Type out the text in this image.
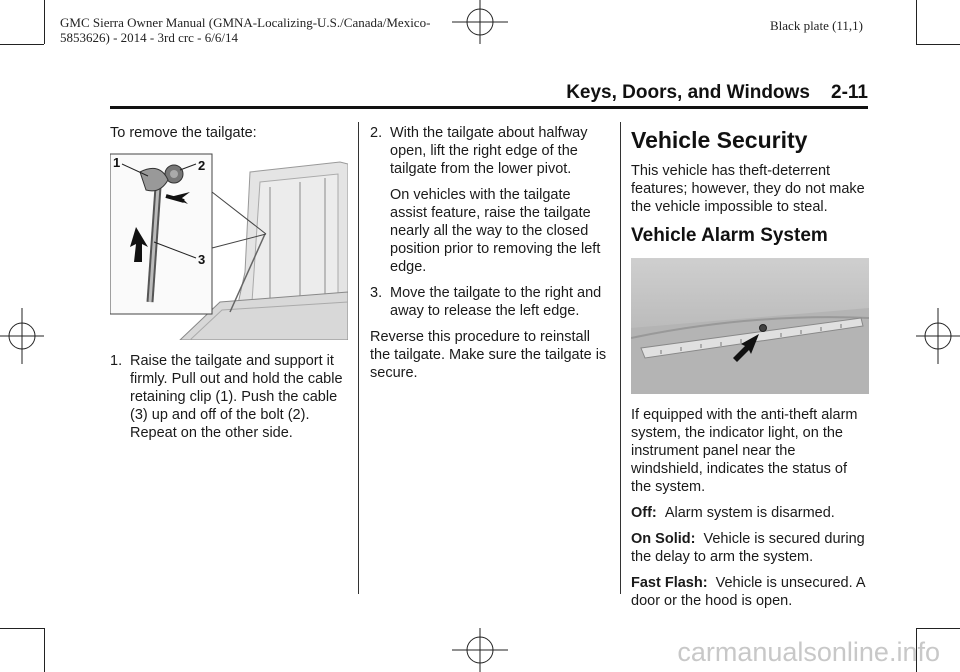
GMC Sierra Owner Manual (GMNA-Localizing-U.S./Canada/Mexico-
5853626) - 2014 - 3rd crc - 6/6/14
Black plate (11,1)
Keys, Doors, and Windows 2-11

To remove the tailgate:

1	2
3
1. Raise the tailgate and support it firmly. Pull out and hold the cable retaining clip (1). Push the cable (3) up and off of the bolt (2). Repeat on the other side.
2. With the tailgate about halfway open, lift the right edge of the tailgate from the lower pivot.
On vehicles with the tailgate assist feature, raise the tailgate nearly all the way to the closed position prior to removing the left edge.
3. Move the tailgate to the right and away to release the left edge.

Reverse this procedure to reinstall the tailgate. Make sure the tailgate is secure.

Vehicle Security

This vehicle has theft-deterrent features; however, they do not make the vehicle impossible to steal.

Vehicle Alarm System

If equipped with the anti-theft alarm system, the indicator light, on the instrument panel near the windshield, indicates the status of the system.

Off: Alarm system is disarmed.

On Solid: Vehicle is secured during the delay to arm the system.

Fast Flash: Vehicle is unsecured. A door or the hood is open.

carmanualsonline.info
